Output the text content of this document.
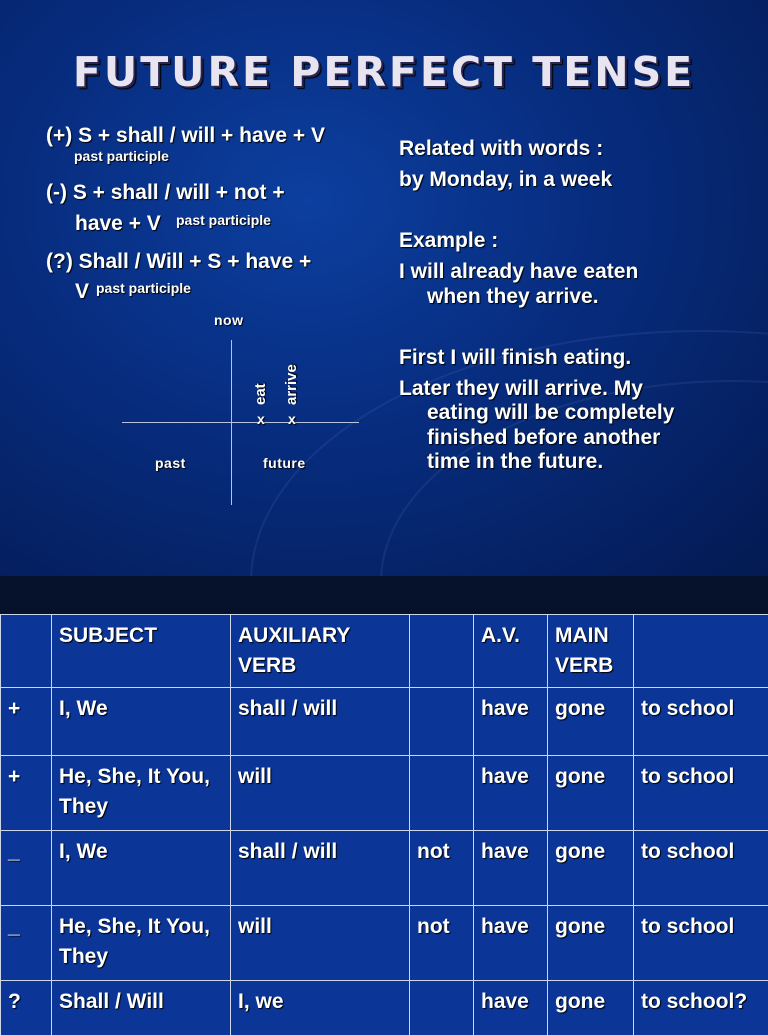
FUTURE PERFECT TENSE
(+) S + shall / will + have + V
past participle
(-) S + shall / will + not +
have + V past participle
(?) Shall / Will + S + have +
V past participle
Related with words :
by Monday, in a week
Example :
I will already have eaten
when they arrive.
First I will finish eating.
Later they will arrive. My
eating will be completely
finished before another
time in the future.
now
eat arrive
x x
past	future
	SUBJECT	AUXILIARY VERB		A.V.	MAIN VERB	
+	I, We	shall / will		have	gone	to school
+	He, She, It You, They	will		have	gone	to school
_	I, We	shall / will	not	have	gone	to school
_	He, She, It You, They	will	not	have	gone	to school
?	Shall / Will	I, we		have	gone	to school?
